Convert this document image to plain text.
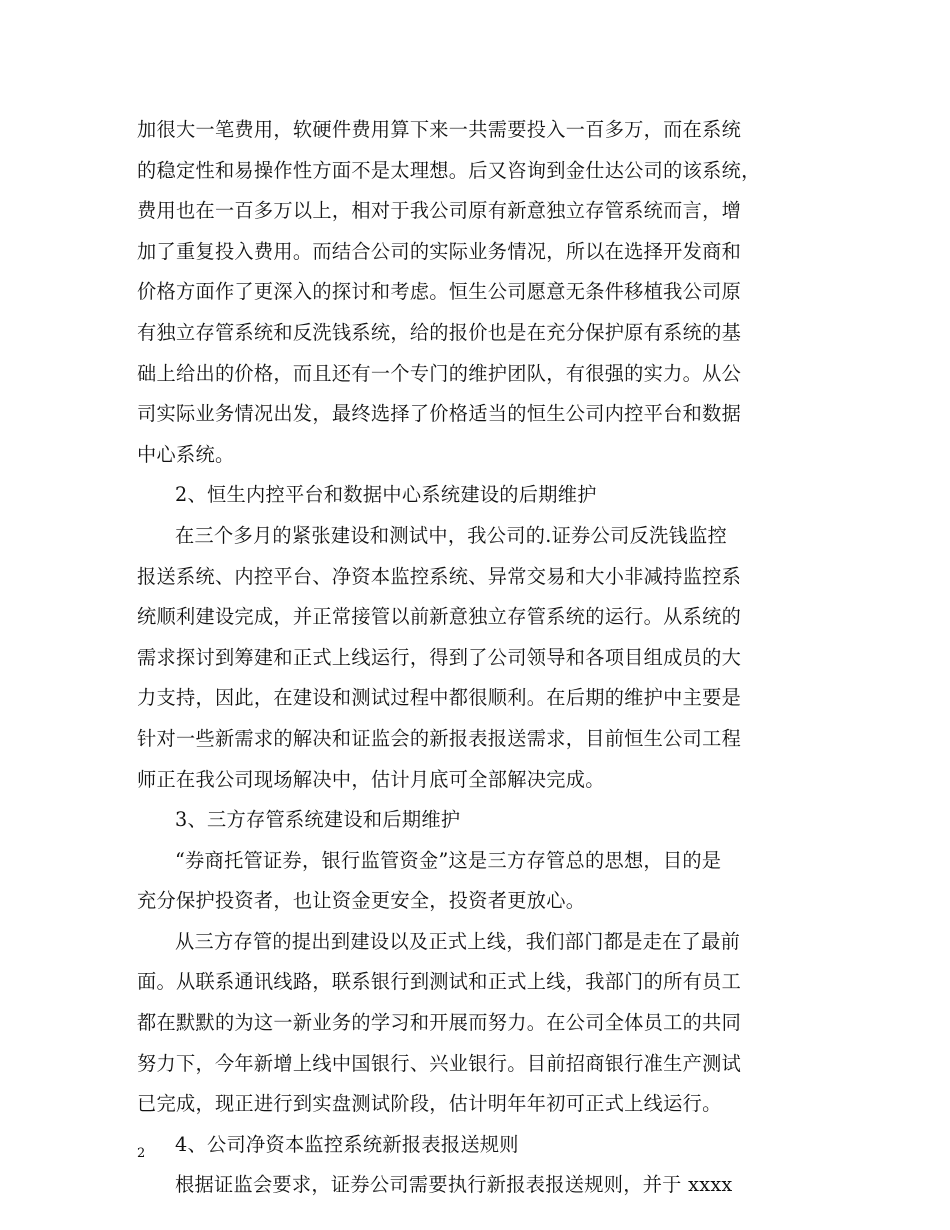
加很大一笔费用，软硬件费用算下来一共需要投入一百多万，而在系统
的稳定性和易操作性方面不是太理想。后又咨询到金仕达公司的该系统，
费用也在一百多万以上，相对于我公司原有新意独立存管系统而言，增
加了重复投入费用。而结合公司的实际业务情况，所以在选择开发商和
价格方面作了更深入的探讨和考虑。恒生公司愿意无条件移植我公司原
有独立存管系统和反洗钱系统，给的报价也是在充分保护原有系统的基
础上给出的价格，而且还有一个专门的维护团队，有很强的实力。从公
司实际业务情况出发，最终选择了价格适当的恒生公司内控平台和数据
中心系统。
2、恒生内控平台和数据中心系统建设的后期维护
在三个多月的紧张建设和测试中，我公司的.证券公司反洗钱监控
报送系统、内控平台、净资本监控系统、异常交易和大小非减持监控系
统顺利建设完成，并正常接管以前新意独立存管系统的运行。从系统的
需求探讨到筹建和正式上线运行，得到了公司领导和各项目组成员的大
力支持，因此，在建设和测试过程中都很顺利。在后期的维护中主要是
针对一些新需求的解决和证监会的新报表报送需求，目前恒生公司工程
师正在我公司现场解决中，估计月底可全部解决完成。
3、三方存管系统建设和后期维护
“券商托管证券，银行监管资金”这是三方存管总的思想，目的是
充分保护投资者，也让资金更安全，投资者更放心。
从三方存管的提出到建设以及正式上线，我们部门都是走在了最前
面。从联系通讯线路，联系银行到测试和正式上线，我部门的所有员工
都在默默的为这一新业务的学习和开展而努力。在公司全体员工的共同
努力下，今年新增上线中国银行、兴业银行。目前招商银行准生产测试
已完成，现正进行到实盘测试阶段，估计明年年初可正式上线运行。
4、公司净资本监控系统新报表报送规则
根据证监会要求，证券公司需要执行新报表报送规则，并于 xxxx
2
